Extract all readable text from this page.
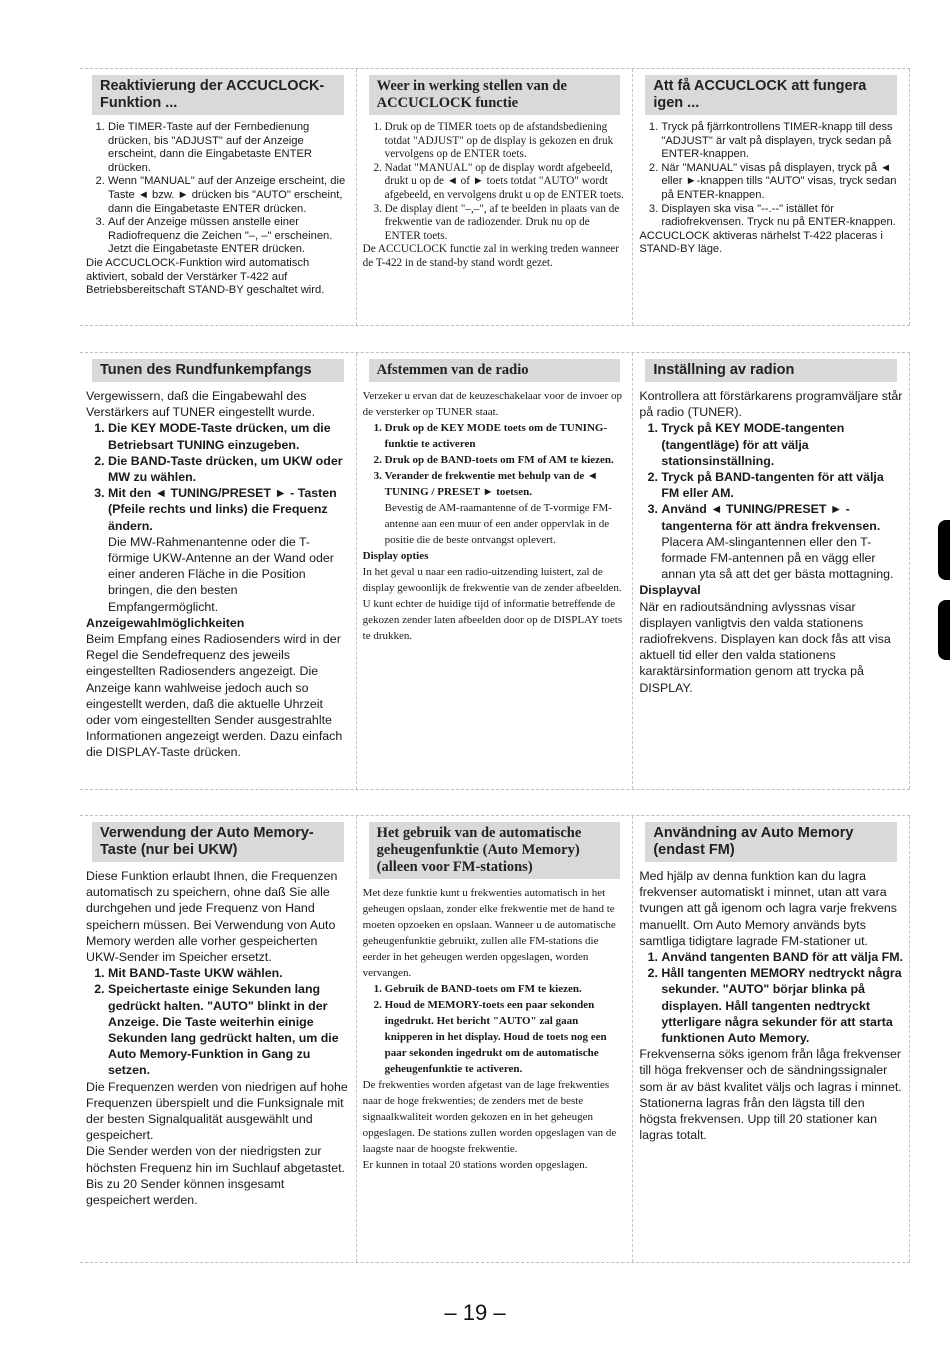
Reaktivierung der ACCUCLOCK-Funktion ...
1. Die TIMER-Taste auf der Fernbedienung drücken, bis "ADJUST" auf der Anzeige erscheint, dann die Eingabetaste ENTER drücken.
2. Wenn "MANUAL" auf der Anzeige erscheint, die Taste ◄ bzw. ► drücken bis "AUTO" erscheint, dann die Eingabetaste ENTER drücken.
3. Auf der Anzeige müssen anstelle einer Radiofrequenz die Zeichen "–, –" erscheinen. Jetzt die Eingabetaste ENTER drücken.

Die ACCUCLOCK-Funktion wird automatisch aktiviert, sobald der Verstärker T-422 auf Betriebsbereitschaft STAND-BY geschaltet wird.

Weer in werking stellen van de ACCUCLOCK functie
1. Druk op de TIMER toets op de afstandsbediening totdat "ADJUST" op de display is gekozen en druk vervolgens op de ENTER toets.
2. Nadat "MANUAL" op de display wordt afgebeeld, drukt u op de ◄ of ► toets totdat "AUTO" wordt afgebeeld, en vervolgens drukt u op de ENTER toets.
3. De display dient "–,–", af te beelden in plaats van de frekwentie van de radiozender. Druk nu op de ENTER toets.

De ACCUCLOCK functie zal in werking treden wanneer de T-422 in de stand-by stand wordt gezet.

Att få ACCUCLOCK att fungera igen ...
1. Tryck på fjärrkontrollens TIMER-knapp till dess "ADJUST" är valt på displayen, tryck sedan på ENTER-knappen.
2. När "MANUAL" visas på displayen, tryck på ◄ eller ►-knappen tills "AUTO" visas, tryck sedan på ENTER-knappen.
3. Displayen ska visa "--.--" istället för radiofrekvensen. Tryck nu på ENTER-knappen.

ACCUCLOCK aktiveras närhelst T-422 placeras i STAND-BY läge.

Tunen des Rundfunkempfangs

Vergewissern, daß die Eingabewahl des Verstärkers auf TUNER eingestellt wurde.

1. Die KEY MODE-Taste drücken, um die Betriebsart TUNING einzugeben.
2. Die BAND-Taste drücken, um UKW oder MW zu wählen.
3. Mit den ◄ TUNING/PRESET ► - Tasten (Pfeile rechts und links) die Frequenz ändern.

Die MW-Rahmenantenne oder die T-förmige UKW-Antenne an der Wand oder einer anderen Fläche in die Position bringen, die den besten Empfangermöglicht.

Anzeigewahlmöglichkeiten

Beim Empfang eines Radiosenders wird in der Regel die Sendefrequenz des jeweils eingestellten Radiosenders angezeigt. Die Anzeige kann wahlweise jedoch auch so eingestellt werden, daß die aktuelle Uhrzeit oder vom eingestellten Sender ausgestrahlte Informationen angezeigt werden. Dazu einfach die DISPLAY-Taste drücken.

Afstemmen van de radio

Verzeker u ervan dat de keuzeschakelaar voor de invoer op de versterker op TUNER staat.

1. Druk op de KEY MODE toets om de TUNING-funktie te activeren
2. Druk op de BAND-toets om FM of AM te kiezen.
3. Verander de frekwentie met behulp van de ◄ TUNING / PRESET ► toetsen.

Bevestig de AM-raamantenne of de T-vormige FM-antenne aan een muur of een ander oppervlak in de positie die de beste ontvangst oplevert.

Display opties

In het geval u naar een radio-uitzending luistert, zal de display gewoonlijk de frekwentie van de zender afbeelden. U kunt echter de huidige tijd of informatie betreffende de gekozen zender laten afbeelden door op de DISPLAY toets te drukken.

Inställning av radion

Kontrollera att förstärkarens programväljare står på radio (TUNER).

1. Tryck på KEY MODE-tangenten (tangentläge) för att välja stationsinställning.
2. Tryck på BAND-tangenten för att välja FM eller AM.
3. Använd ◄ TUNING/PRESET ► - tangenterna för att ändra frekvensen.

Placera AM-slingantennen eller den T-formade FM-antennen på en vägg eller annan yta så att det ger bästa mottagning.

Displayval

När en radioutsändning avlyssnas visar displayen vanligtvis den valda stationens radiofrekvens. Displayen kan dock fås att visa aktuell tid eller den valda stationens karaktärsinformation genom att trycka på DISPLAY.

Verwendung der Auto Memory-Taste (nur bei UKW)

Diese Funktion erlaubt Ihnen, die Frequenzen automatisch zu speichern, ohne daß Sie alle durchgehen und jede Frequenz von Hand speichern müssen. Bei Verwendung von Auto Memory werden alle vorher gespeicherten UKW-Sender im Speicher ersetzt.

1. Mit BAND-Taste UKW wählen.
2. Speichertaste einige Sekunden lang gedrückt halten. "AUTO" blinkt in der Anzeige. Die Taste weiterhin einige Sekunden lang gedrückt halten, um die Auto Memory-Funktion in Gang zu setzen.

Die Frequenzen werden von niedrigen auf hohe Frequenzen überspielt und die Funksignale mit der besten Signalqualität ausgewählt und gespeichert.

Die Sender werden von der niedrigsten zur höchsten Frequenz hin im Suchlauf abgetastet. Bis zu 20 Sender können insgesamt gespeichert werden.

Het gebruik van de automatische geheugenfunktie (Auto Memory) (alleen voor FM-stations)

Met deze funktie kunt u frekwenties automatisch in het geheugen opslaan, zonder elke frekwentie met de hand te moeten opzoeken en opslaan. Wanneer u de automatische geheugenfunktie gebruikt, zullen alle FM-stations die eerder in het geheugen werden opgeslagen, worden vervangen.

1. Gebruik de BAND-toets om FM te kiezen.
2. Houd de MEMORY-toets een paar sekonden ingedrukt. Het bericht "AUTO" zal gaan knipperen in het display. Houd de toets nog een paar sekonden ingedrukt om de automatische geheugenfunktie te activeren.

De frekwenties worden afgetast van de lage frekwenties naar de hoge frekwenties; de zenders met de beste signaalkwaliteit worden gekozen en in het geheugen opgeslagen. De stations zullen worden opgeslagen van de laagste naar de hoogste frekwentie.

Er kunnen in totaal 20 stations worden opgeslagen.

Användning av Auto Memory (endast FM)

Med hjälp av denna funktion kan du lagra frekvenser automatiskt i minnet, utan att vara tvungen att gå igenom och lagra varje frekvens manuellt. Om Auto Memory används byts samtliga tidigtare lagrade FM-stationer ut.

1. Använd tangenten BAND för att välja FM.
2. Håll tangenten MEMORY nedtryckt några sekunder. "AUTO" börjar blinka på displayen. Håll tangenten nedtryckt ytterligare några sekunder för att starta funktionen Auto Memory.

Frekvenserna söks igenom från låga frekvenser till höga frekvenser och de sändningssignaler som är av bäst kvalitet väljs och lagras i minnet. Stationerna lagras från den lägsta till den högsta frekvensen. Upp till 20 stationer kan lagras totalt.

– 19 –
